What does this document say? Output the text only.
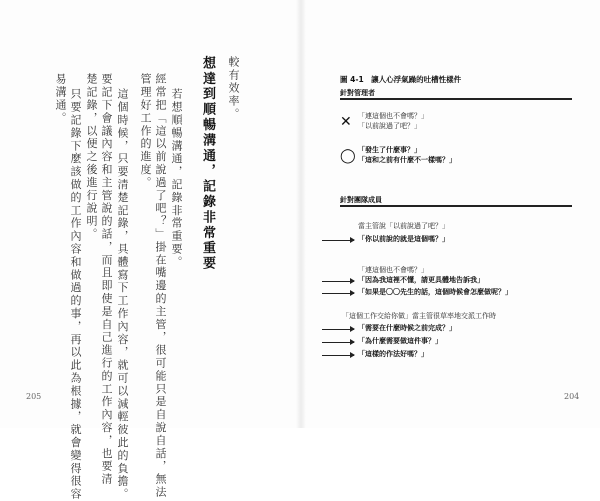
較有效率。
想達到順暢溝通，記錄非常重要
若想順暢溝通，記錄非常重要。
經常把「這以前說過了吧？」掛在嘴邊的主管，很可能只是自說自話，無法
管理好工作的進度。
這個時候，只要清楚記錄，具體寫下工作內容，就可以減輕彼此的負擔。
要記下會議內容和主管說的話，而且即使是自己進行的工作內容，也要清
楚記錄，以便之後進行說明。
只要記錄下麼該做的工作內容和做過的事，再以此為根據，就會變得很容
易溝通。
205
圖 4-1　讓人心浮氣躁的吐槽性樣件
針對管理者
✕ 「連這個也不會嗎？」
「以前說過了吧？」
◯ 「發生了什麼事？」
「這和之前有什麼不一樣嗎？」
針對團隊成員
當主管說「以前說過了吧？」
「你以前說的就是這個嗎？」
「連這個也不會嗎？」
「因為我這裡不懂，請更具體地告訴我」
「如果是〇〇先生的話，這個時候會怎麼做呢？」
「這個工作交給你做」當主管很草率地交派工作時
「需要在什麼時候之前完成？」
「為什麼需要做這件事？」
「這樣的作法好嗎？」
204
